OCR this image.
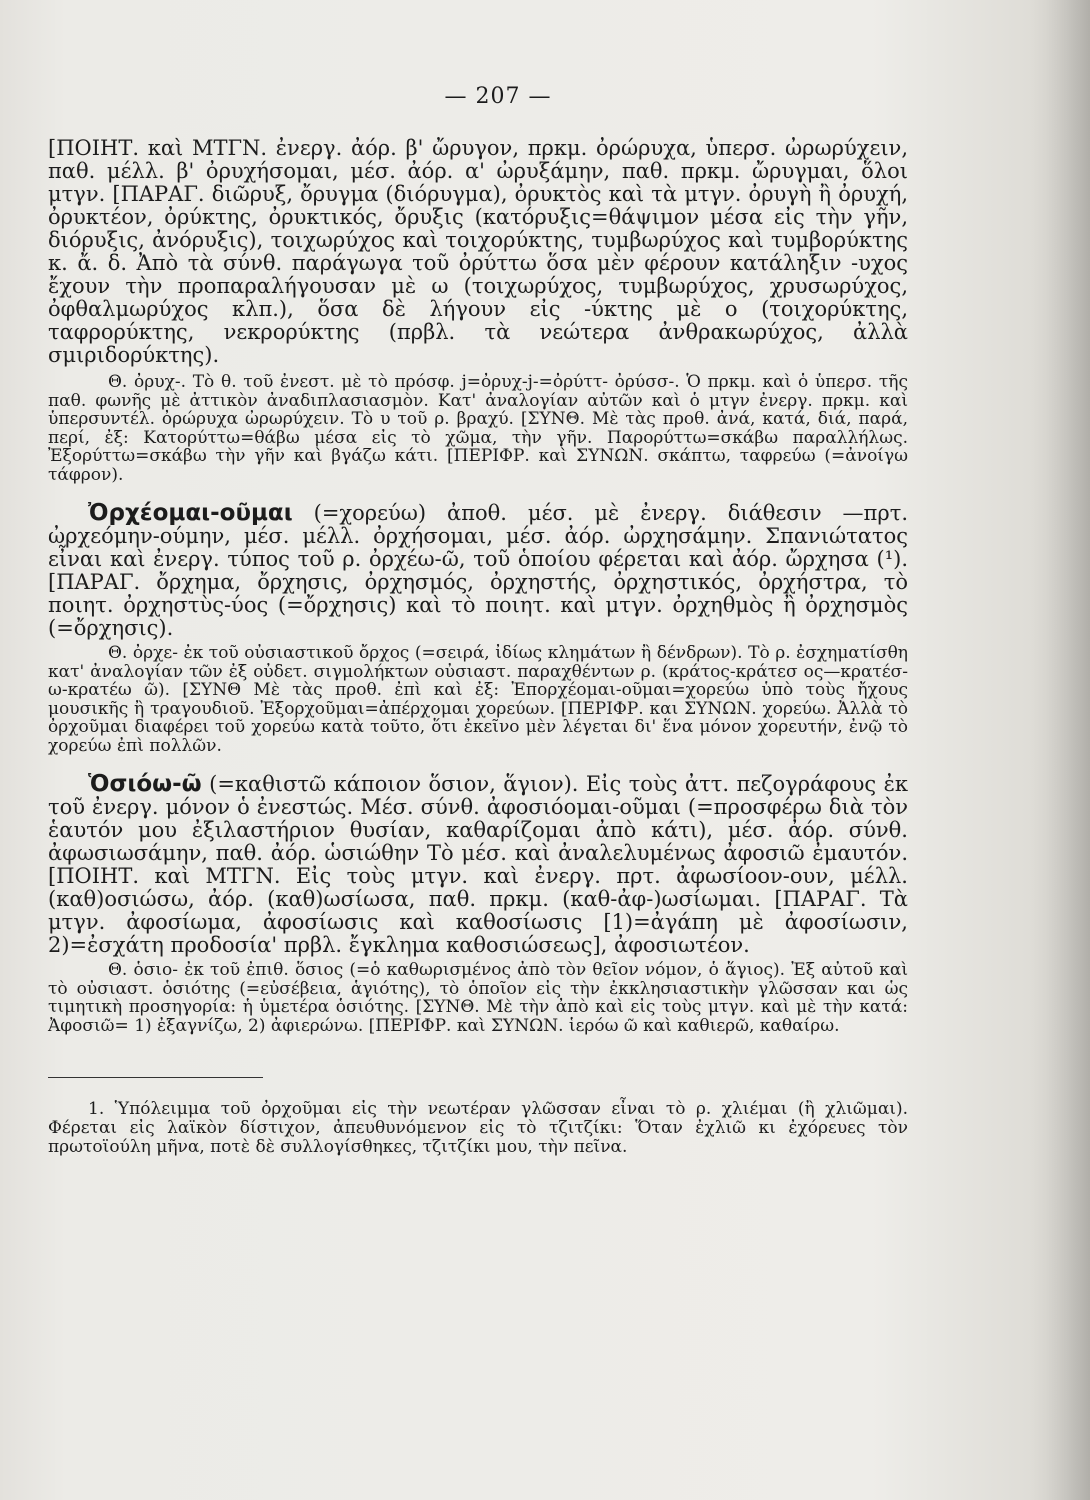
— 207 —

[ΠΟΙΗΤ. καὶ ΜΤΓΝ. ἐνεργ. ἀόρ. β' ὤρυγον, πρκμ. ὀρώρυχα, ὑπερσ. ὠρωρύχειν, παθ. μέλλ. β' ὀρυχήσομαι, μέσ. ἀόρ. α' ὠρυξάμην, παθ. πρκμ. ὤρυγμαι, ὅλοι μτγν. [ΠΑΡΑΓ. διῶρυξ, ὄρυγμα (διόρυγμα), ὀρυκτὸς καὶ τὰ μτγν. ὀρυγὴ ἢ ὀρυχή, ὀρυκτέον, ὀρύκτης, ὀρυκτικός, ὄρυξις (κατόρυξις=θάψιμον μέσα εἰς τὴν γῆν, διόρυξις, ἀνόρυξις), τοιχωρύχος καὶ τοιχορύκτης, τυμβωρύχος καὶ τυμβορύκτης κ. ἄ. δ. Ἀπὸ τὰ σύνθ. παράγωγα τοῦ ὀρύττω ὅσα μὲν φέρουν κατάληξιν -υχος ἔχουν τὴν προπαραλήγουσαν μὲ ω (τοιχωρύχος, τυμβωρύχος, χρυσωρύχος, ὀφθαλμωρύχος κλπ.), ὅσα δὲ λήγουν εἰς -ύκτης μὲ ο (τοιχορύκτης, ταφρορύκτης, νεκρορύκτης (πρβλ. τὰ νεώτερα ἀνθρακωρύχος, ἀλλὰ σμιριδορύκτης).

Θ. ὀρυχ-. Τὸ θ. τοῦ ἐνεστ. μὲ τὸ πρόσφ. j=ὀρυχ-j-=ὀρύττ- ὀρύσσ-. Ὁ πρκμ. καὶ ὁ ὑπερσ. τῆς παθ. φωνῆς μὲ ἀττικὸν ἀναδιπλασιασμὸν. Κατ' ἀναλογίαν αὐτῶν καὶ ὁ μτγν ἐνεργ. πρκμ. καὶ ὑπερσυντέλ. ὀρώρυχα ὠρωρύχειν. Τὸ υ τοῦ ρ. βραχύ. [ΣΥΝΘ. Μὲ τὰς προθ. ἀνά, κατά, διά, παρά, περί, ἐξ: Κατορύττω=θάβω μέσα εἰς τὸ χῶμα, τὴν γῆν. Παρορύττω=σκάβω παραλλήλως. Ἐξορύττω=σκάβω τὴν γῆν καὶ βγάζω κάτι. [ΠΕΡΙΦΡ. καὶ ΣΥΝΩΝ. σκάπτω, ταφρεύω (=ἀνοίγω τάφρον).

Ὀρχέομαι-οῦμαι (=χορεύω) ἀποθ. μέσ. μὲ ἐνεργ. διάθεσιν —πρτ. ὠρχεόμην-ούμην, μέσ. μέλλ. ὀρχήσομαι, μέσ. ἀόρ. ὠρχησάμην. Σπανιώτατος εἶναι καὶ ἐνεργ. τύπος τοῦ ρ. ὀρχέω-ῶ, τοῦ ὁποίου φέρεται καὶ ἀόρ. ὤρχησα (¹). [ΠΑΡΑΓ. ὄρχημα, ὄρχησις, ὀρχησμός, ὀρχηστής, ὀρχηστικός, ὀρχήστρα, τὸ ποιητ. ὀρχηστὺς-ύος (=ὄρχησις) καὶ τὸ ποιητ. καὶ μτγν. ὀρχηθμὸς ἢ ὀρχησμὸς (=ὄρχησις).

Θ. ὀρχε- ἐκ τοῦ οὐσιαστικοῦ ὄρχος (=σειρά, ἰδίως κλημάτων ἢ δένδρων). Τὸ ρ. ἐσχηματίσθη κατ' ἀναλογίαν τῶν ἐξ οὐδετ. σιγμολήκτων οὐσιαστ. παραχθέντων ρ. (κράτος-κράτεσ ος—κρατέσ-ω-κρατέω ῶ). [ΣΥΝΘ Μὲ τὰς προθ. ἐπὶ καὶ ἐξ: Ἐπορχέομαι-οῦμαι=χορεύω ὑπὸ τοὺς ἤχους μουσικῆς ἢ τραγουδιοῦ. Ἐξορχοῦμαι=ἀπέρχομαι χορεύων. [ΠΕΡΙΦΡ. και ΣΥΝΩΝ. χορεύω. Ἀλλὰ τὸ ὀρχοῦμαι διαφέρει τοῦ χορεύω κατὰ τοῦτο, ὅτι ἐκεῖνο μὲν λέγεται δι' ἕνα μόνον χορευτήν, ἐνῷ τὸ χορεύω ἐπὶ πολλῶν.

Ὁσιόω-ῶ (=καθιστῶ κάποιον ὅσιον, ἅγιον). Εἰς τοὺς ἀττ. πεζογράφους ἐκ τοῦ ἐνεργ. μόνον ὁ ἐνεστώς. Μέσ. σύνθ. ἀφοσιόομαι-οῦμαι (=προσφέρω διὰ τὸν ἑαυτόν μου ἐξιλαστήριον θυσίαν, καθαρίζομαι ἀπὸ κάτι), μέσ. ἀόρ. σύνθ. ἀφωσιωσάμην, παθ. ἀόρ. ὡσιώθην Τὸ μέσ. καὶ ἀναλελυμένως ἀφοσιῶ ἐμαυτόν. [ΠΟΙΗΤ. καὶ ΜΤΓΝ. Εἰς τοὺς μτγν. καὶ ἐνεργ. πρτ. ἀφωσίοον-ουν, μέλλ. (καθ)οσιώσω, ἀόρ. (καθ)ωσίωσα, παθ. πρκμ. (καθ-ἀφ-)ωσίωμαι. [ΠΑΡΑΓ. Τὰ μτγν. ἀφοσίωμα, ἀφοσίωσις καὶ καθοσίωσις [1)=ἀγάπη μὲ ἀφοσίωσιν, 2)=ἐσχάτη προδοσία' πρβλ. ἔγκλημα καθοσιώσεως], ἀφοσιωτέον.

Θ. ὁσιο- ἐκ τοῦ ἐπιθ. ὅσιος (=ὁ καθωρισμένος ἀπὸ τὸν θεῖον νόμον, ὁ ἅγιος). Ἐξ αὐτοῦ καὶ τὸ οὐσιαστ. ὁσιότης (=εὐσέβεια, ἁγιότης), τὸ ὁποῖον εἰς τὴν ἐκκλησιαστικὴν γλῶσσαν και ὡς τιμητικὴ προσηγορία: ἡ ὑμετέρα ὁσιότης. [ΣΥΝΘ. Μὲ τὴν ἀπὸ καὶ εἰς τοὺς μτγν. καὶ μὲ τὴν κατά: Ἀφοσιῶ= 1) ἐξαγνίζω, 2) ἀφιερώνω. [ΠΕΡΙΦΡ. καὶ ΣΥΝΩΝ. ἱερόω ῶ καὶ καθιερῶ, καθαίρω.

1. Ὑπόλειμμα τοῦ ὀρχοῦμαι εἰς τὴν νεωτέραν γλῶσσαν εἶναι τὸ ρ. χλιέμαι (ἢ χλιῶμαι). Φέρεται εἰς λαϊκὸν δίστιχον, ἀπευθυνόμενον εἰς τὸ τζιτζίκι: Ὅταν ἐχλιῶ κι ἐχόρευες τὸν πρωτοϊούλη μῆνα, ποτὲ δὲ συλλογίσθηκες, τζιτζίκι μου, τὴν πεῖνα.
